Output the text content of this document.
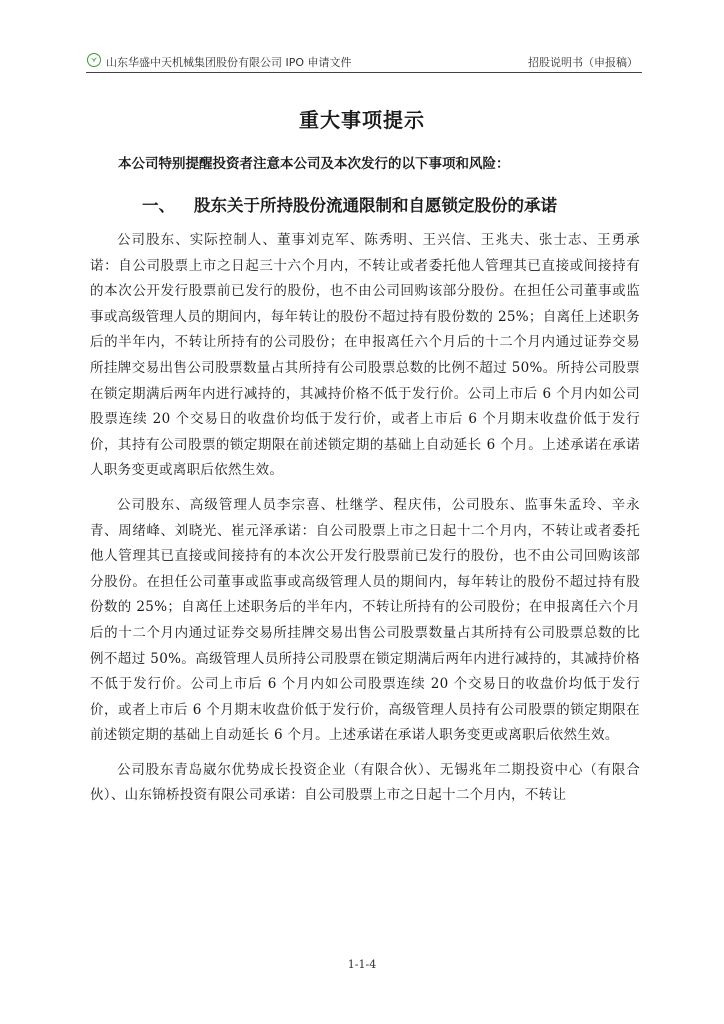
山东华盛中天机械集团股份有限公司 IPO 申请文件	招股说明书（申报稿）
重大事项提示
本公司特别提醒投资者注意本公司及本次发行的以下事项和风险：
一、 股东关于所持股份流通限制和自愿锁定股份的承诺

公司股东、实际控制人、董事刘克军、陈秀明、王兴信、王兆夫、张士志、王勇承诺：自公司股票上市之日起三十六个月内，不转让或者委托他人管理其已直接或间接持有的本次公开发行股票前已发行的股份，也不由公司回购该部分股份。在担任公司董事或监事或高级管理人员的期间内，每年转让的股份不超过持有股份数的 25%；自离任上述职务后的半年内，不转让所持有的公司股份；在申报离任六个月后的十二个月内通过证券交易所挂牌交易出售公司股票数量占其所持有公司股票总数的比例不超过 50%。所持公司股票在锁定期满后两年内进行减持的，其减持价格不低于发行价。公司上市后 6 个月内如公司股票连续 20 个交易日的收盘价均低于发行价，或者上市后 6 个月期末收盘价低于发行价，其持有公司股票的锁定期限在前述锁定期的基础上自动延长 6 个月。上述承诺在承诺人职务变更或离职后依然生效。

公司股东、高级管理人员李宗喜、杜继学、程庆伟，公司股东、监事朱孟玲、辛永青、周绪峰、刘晓光、崔元泽承诺：自公司股票上市之日起十二个月内，不转让或者委托他人管理其已直接或间接持有的本次公开发行股票前已发行的股份，也不由公司回购该部分股份。在担任公司董事或监事或高级管理人员的期间内，每年转让的股份不超过持有股份数的 25%；自离任上述职务后的半年内，不转让所持有的公司股份；在申报离任六个月后的十二个月内通过证券交易所挂牌交易出售公司股票数量占其所持有公司股票总数的比例不超过 50%。高级管理人员所持公司股票在锁定期满后两年内进行减持的，其减持价格不低于发行价。公司上市后 6 个月内如公司股票连续 20 个交易日的收盘价均低于发行价，或者上市后 6 个月期末收盘价低于发行价，高级管理人员持有公司股票的锁定期限在前述锁定期的基础上自动延长 6 个月。上述承诺在承诺人职务变更或离职后依然生效。

公司股东青岛崴尔优势成长投资企业（有限合伙）、无锡兆年二期投资中心（有限合伙）、山东锦桥投资有限公司承诺：自公司股票上市之日起十二个月内，不转让

1-1-4
